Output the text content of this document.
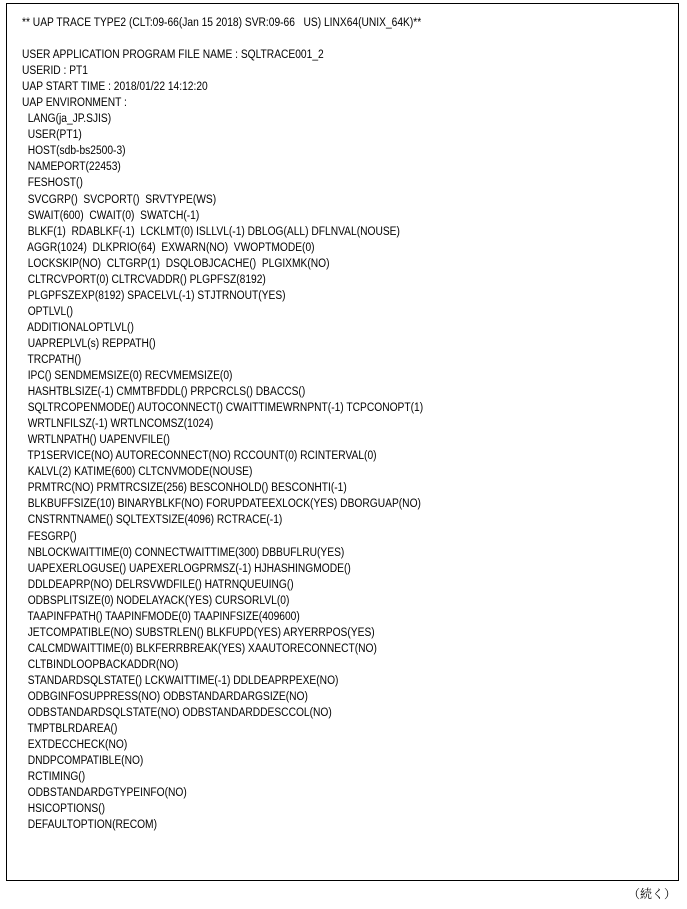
** UAP TRACE TYPE2 (CLT:09-66(Jan 15 2018) SVR:09-66   US) LINX64(UNIX_64K)**
USER APPLICATION PROGRAM FILE NAME : SQLTRACE001_2
USERID : PT1
UAP START TIME : 2018/01/22 14:12:20
UAP ENVIRONMENT :
LANG(ja_JP.SJIS)
USER(PT1)
HOST(sdb-bs2500-3)
NAMEPORT(22453)
FESHOST()
SVCGRP()  SVCPORT()  SRVTYPE(WS)
SWAIT(600)  CWAIT(0)  SWATCH(-1)
BLKF(1)  RDABLKF(-1)  LCKLMT(0) ISLLVL(-1) DBLOG(ALL) DFLNVAL(NOUSE)
AGGR(1024)  DLKPRIO(64)  EXWARN(NO)  VWOPTMODE(0)
LOCKSKIP(NO)  CLTGRP(1)  DSQLOBJCACHE()  PLGIXMK(NO)
CLTRCVPORT(0) CLTRCVADDR() PLGPFSZ(8192)
PLGPFSZEXP(8192) SPACELVL(-1) STJTRNOUT(YES)
OPTLVL()
ADDITIONALOPTLVL()
UAPREPLVL(s) REPPATH()
TRCPATH()
IPC() SENDMEMSIZE(0) RECVMEMSIZE(0)
HASHTBLSIZE(-1) CMMTBFDDL() PRPCRCLS() DBACCS()
SQLTRCOPENMODE() AUTOCONNECT() CWAITTIMEWRNPNT(-1) TCPCONOPT(1)
WRTLNFILSZ(-1) WRTLNCOMSZ(1024)
WRTLNPATH() UAPENVFILE()
TP1SERVICE(NO) AUTORECONNECT(NO) RCCOUNT(0) RCINTERVAL(0)
KALVL(2) KATIME(600) CLTCNVMODE(NOUSE)
PRMTRC(NO) PRMTRCSIZE(256) BESCONHOLD() BESCONHTI(-1)
BLKBUFFSIZE(10) BINARYBLKF(NO) FORUPDATEEXLOCK(YES) DBORGUAP(NO)
CNSTRNTNAME() SQLTEXTSIZE(4096) RCTRACE(-1)
FESGRP()
NBLOCKWAITTIME(0) CONNECTWAITTIME(300) DBBUFLRU(YES)
UAPEXERLOGUSE() UAPEXERLOGPRMSZ(-1) HJHASHINGMODE()
DDLDEAPRP(NO) DELRSVWDFILE() HATRNQUEUING()
ODBSPLITSIZE(0) NODELAYACK(YES) CURSORLVL(0)
TAAPINFPATH() TAAPINFMODE(0) TAAPINFSIZE(409600)
JETCOMPATIBLE(NO) SUBSTRLEN() BLKFUPD(YES) ARYERRPOS(YES)
CALCMDWAITTIME(0) BLKFERRBREAK(YES) XAAUTORECONNECT(NO)
CLTBINDLOOPBACKADDR(NO)
STANDARDSQLSTATE() LCKWAITTIME(-1) DDLDEAPRPEXE(NO)
ODBGINFOSUPPRESS(NO) ODBSTANDARDARGSIZE(NO)
ODBSTANDARDSQLSTATE(NO) ODBSTANDARDDESCCOL(NO)
TMPTBLRDAREA()
EXTDECCHECK(NO)
DNDPCOMPATIBLE(NO)
RCTIMING()
ODBSTANDARDGTYPEINFO(NO)
HSICOPTIONS()
DEFAULTOPTION(RECOM)
（続く）
